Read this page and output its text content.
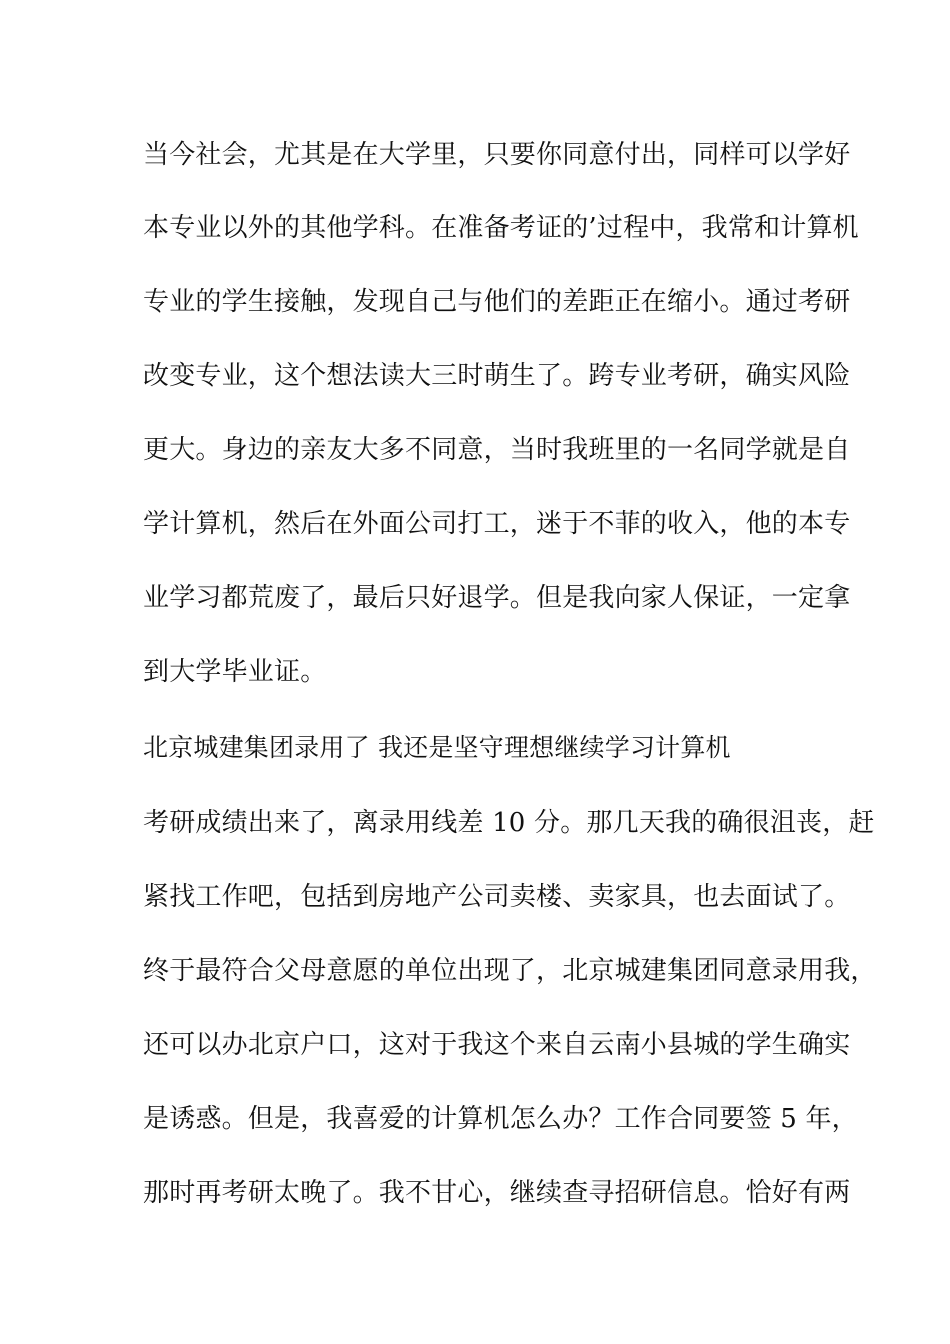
当今社会，尤其是在大学里，只要你同意付出，同样可以学好
本专业以外的其他学科。在准备考证的’过程中，我常和计算机
专业的学生接触，发现自己与他们的差距正在缩小。通过考研
改变专业，这个想法读大三时萌生了。跨专业考研，确实风险
更大。身边的亲友大多不同意，当时我班里的一名同学就是自
学计算机，然后在外面公司打工，迷于不菲的收入，他的本专
业学习都荒废了，最后只好退学。但是我向家人保证，一定拿
到大学毕业证。
北京城建集团录用了 我还是坚守理想继续学习计算机
考研成绩出来了，离录用线差 10 分。那几天我的确很沮丧，赶
紧找工作吧，包括到房地产公司卖楼、卖家具，也去面试了。
终于最符合父母意愿的单位出现了，北京城建集团同意录用我，
还可以办北京户口，这对于我这个来自云南小县城的学生确实
是诱惑。但是，我喜爱的计算机怎么办？工作合同要签 5 年，
那时再考研太晚了。我不甘心，继续查寻招研信息。恰好有两
